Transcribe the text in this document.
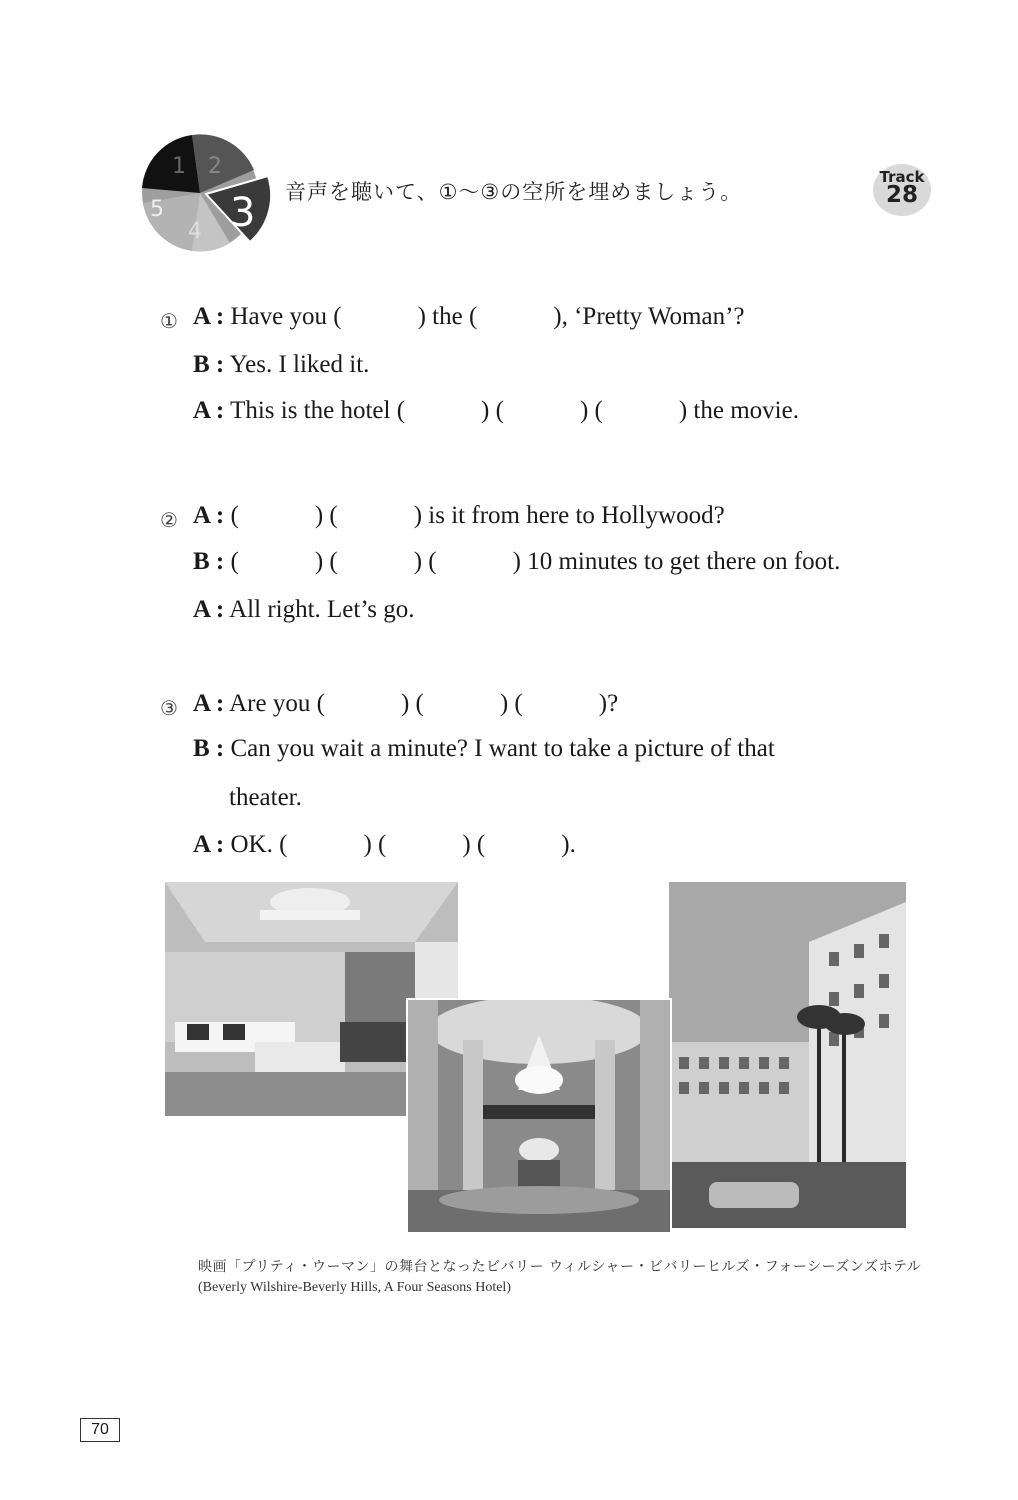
1 2
3
4
5
音声を聴いて、①〜③の空所を埋めましょう。
Track
28
① A : Have you (	) the (	), ‘Pretty Woman’?
B : Yes. I liked it.
A : This is the hotel (	) (	) (	) the movie.
② A : (	) (	) is it from here to Hollywood?
B : (	) (	) (	) 10 minutes to get there on foot.
A : All right. Let’s go.
③ A : Are you (	) (	) (	)?
B : Can you wait a minute? I want to take a picture of that
theater.
A : OK. (	) (	) (	).
映画「プリティ・ウーマン」の舞台となったビバリー ウィルシャー・ビバリーヒルズ・フォーシーズンズホテル
(Beverly Wilshire-Beverly Hills, A Four Seasons Hotel)
70
